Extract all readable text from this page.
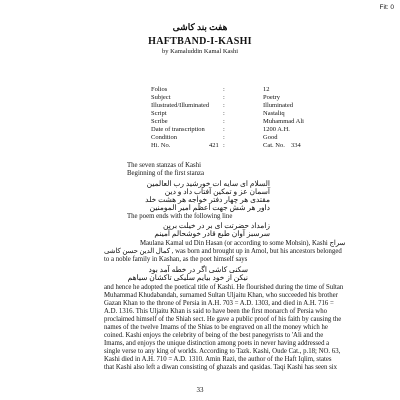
Fit: 0
هفت بند کاشی
HAFTBAND-I-KASHI
by Kamaluddin Kamal Kashi
Folios	:	12
Subject	:	Poetry
Illustrated/Illuminated :	Illuminated
Script	:	Nastaliq
Scribe	:	Muhammad Ali
Date of transcription	:	1200 A.H.
Condition	:	Good
Hi. No.	421 :	Cat. No. 334
The seven stanzas of Kashi
Beginning of the first stanza
السلام ای سایه ات خورشید رب العالمین
آسمان عز و تمکین آفتاب داد و دین
مقتدی هر چهار دفتر خواجه هر هشت خلد
داور هر شش جهت اعظم امیر المومنین
The poem ends with the following line
زامداد حضرتت ای بر در خیلت برین
سرسبز آوان طبع قادر خوشحالم آمینم
Maulana Kamal ud Din Hasan (or according to some Mohsin), Kashi سراج
كمال الدين حسن كاشى , was born and brought up in Amol, but his ancestors belonged
to a noble family in Kashan, as the poet himself says
سکنی کاشی اگر در خطه آمد بود
نیکن از خود بیایم سلیکی تاکشان سیاهم
and hence he adopted the poetical title of Kashi. He flourished during the time of Sultan
Muhammad Khudabandah, surnamed Sultan Uljaitu Khan, who succeeded his brother
Gazan Khan to the throne of Persia in A.H. 703 = A.D. 1303, and died in A.H. 716 =
A.D. 1316. This Uljaitu Khan is said to have been the first monarch of Persia who
proclaimed himself of the Shiah sect. He gave a public proof of his faith by causing the
names of the twelve Imams of the Shias to be engraved on all the money which he
coined. Kashi enjoys the celebrity of being of the best panegyrists to 'Ali and the
Imams, and enjoys the unique distinction among poets in never having addressed a
single verse to any king of worlds. According to Tazk. Kashi, Oude Cat., p.18; NO. 63,
Kashi died in A.H. 710 = A.D. 1310. Amin Razi, the author of the Haft Iqlim, states
that Kashi also left a diwan consisting of ghazals and qasidas. Taqi Kashi has seen six
33
